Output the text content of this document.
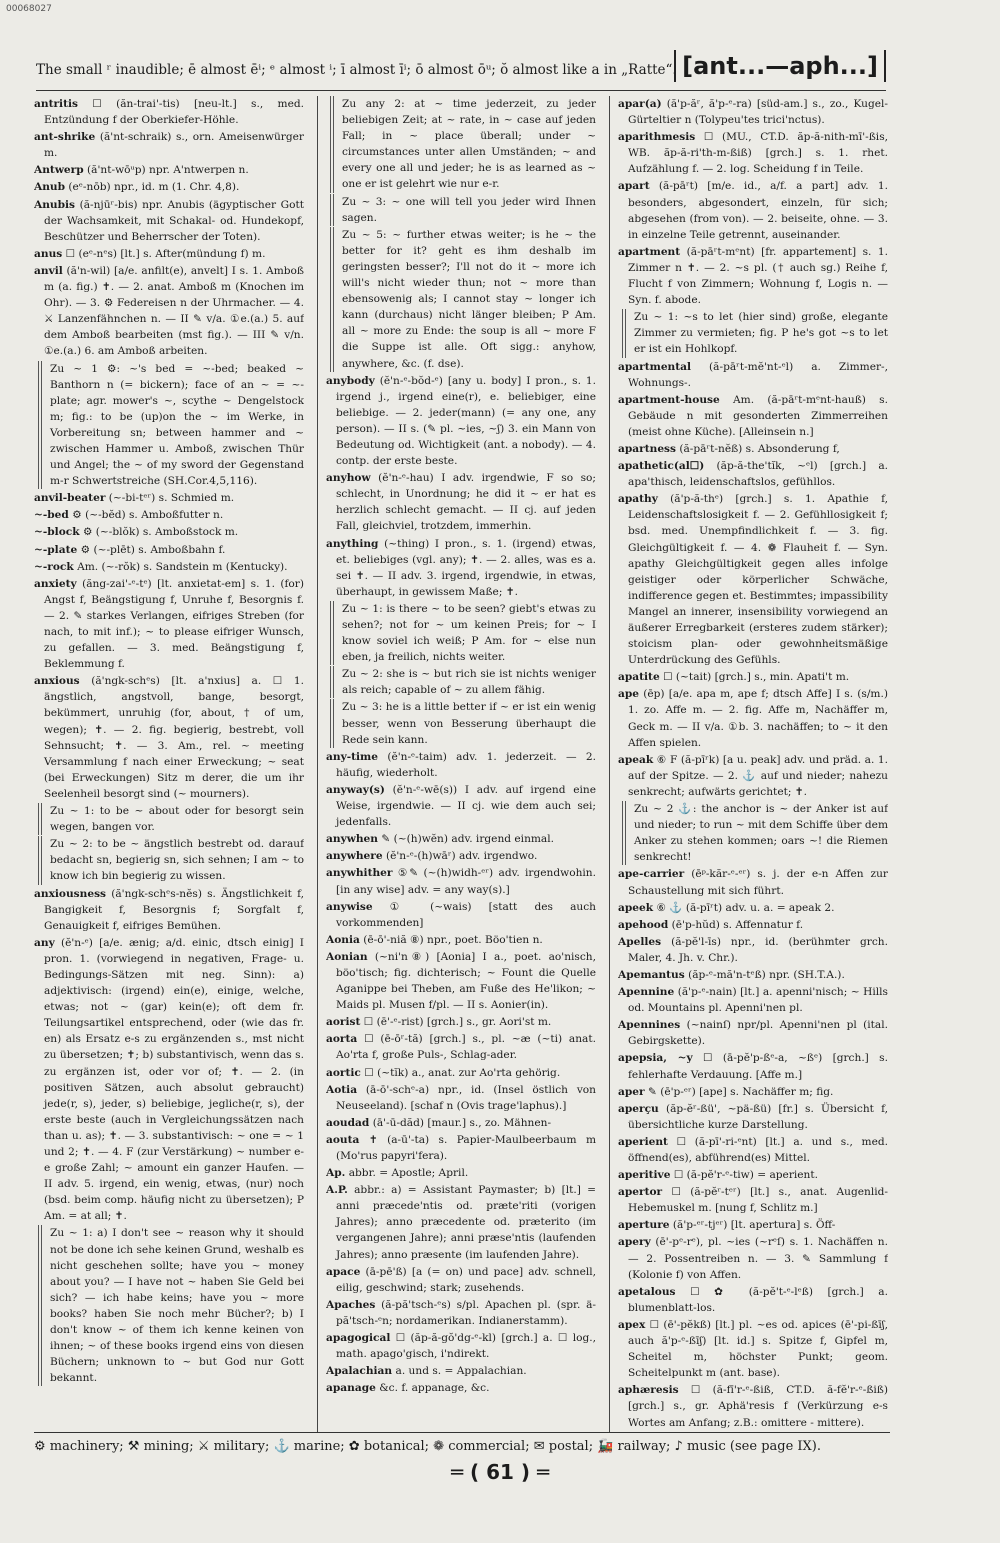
00068027
The small ʳ inaudible; ē almost ēⁱ; ᵉ almost ⁱ; ī almost īⁱ; ō almost ōᵘ; ŏ almost like a in „Ratte“. [ant...—aph...]
antritis ☐ (ăn-trai'-tis) [neu-lt.] s., med. Entzündung f der Oberkiefer-Höhle.
ant-shrike (ă'nt-schraik) s., orn. Ameisenwürger m.
Antwerp (ă'nt-wōᵘp) npr. A'ntwerpen n.
Anub (eᵉ-nōb) npr., id. m (1. Chr. 4,8).
Anubis (ă-njūʳ-bis) npr. Anubis (ägyptischer Gott der Wachsamkeit, mit Schakal- od. Hundekopf, Beschützer und Beherrscher der Toten).
anus ☐ (eᵉ-nᵉs) [lt.] s. After(mündung f) m.
anvil (ă'n-wil) [a/e. anfilt(e), anvelt] I s. 1. Amboß m (a. fig.) ✝. — 2. anat. Amboß m (Knochen im Ohr). — 3. ⚙ Federeisen n der Uhrmacher. — 4. ⚔ Lanzenfähnchen n. — II ✎ v/a. ①e.(a.) 5. auf dem Amboß bearbeiten (mst fig.). — III ✎ v/n. ①e.(a.) 6. am Amboß arbeiten.
Zu ~ 1 ⚙: ~'s bed = ~-bed; beaked ~ Banthorn n (= bickern); face of an ~ = ~-plate; agr. mower's ~, scythe ~ Dengelstock m; fig.: to be (up)on the ~ im Werke, in Vorbereitung sn; between hammer and ~ zwischen Hammer u. Amboß, zwischen Thür und Angel; the ~ of my sword der Gegenstand m-r Schwertstreiche (SH.Cor.4,5,116).
anvil-beater (~-bi-tᵉʳ) s. Schmied m.
~-bed ⚙ (~-bĕd) s. Amboßfutter n.
~-block ⚙ (~-blŏk) s. Amboßstock m.
~-plate ⚙ (~-plēt) s. Amboßbahn f.
~-rock Am. (~-rŏk) s. Sandstein m (Kentucky).
anxiety (ăng-zai'-ᵉ-tᵉ) [lt. anxietat-em] s. 1. (for) Angst f, Beängstigung f, Unruhe f, Besorgnis f. — 2. ✎ starkes Verlangen, eifriges Streben (for nach, to mit inf.); ~ to please eifriger Wunsch, zu gefallen. — 3. med. Beängstigung f, Beklemmung f.
anxious (ă'ngk-schᵉs) [lt. a'nxius] a. ☐ 1. ängstlich, angstvoll, bange, besorgt, bekümmert, unruhig (for, about, † of um, wegen); ✝. — 2. fig. begierig, bestrebt, voll Sehnsucht; ✝. — 3. Am., rel. ~ meeting Versammlung f nach einer Erweckung; ~ seat (bei Erweckungen) Sitz m derer, die um ihr Seelenheil besorgt sind (~ mourners).
Zu ~ 1: to be ~ about oder for besorgt sein wegen, bangen vor.
Zu ~ 2: to be ~ ängstlich bestrebt od. darauf bedacht sn, begierig sn, sich sehnen; I am ~ to know ich bin begierig zu wissen.
anxiousness (ă'ngk-schᵉs-nĕs) s. Ängstlichkeit f, Bangigkeit f, Besorgnis f; Sorgfalt f, Genauigkeit f, eifriges Bemühen.
any (ĕ'n-ᵉ) [a/e. ænig; a/d. einic, dtsch einig] I pron. 1. (vorwiegend in negativen, Frage- u. Bedingungs-Sätzen mit neg. Sinn): a) adjektivisch: (irgend) ein(e), einige, welche, etwas; not ~ (gar) kein(e); oft dem fr. Teilungsartikel entsprechend, oder (wie das fr. en) als Ersatz e-s zu ergänzenden s., mst nicht zu übersetzen; ✝; b) substantivisch, wenn das s. zu ergänzen ist, oder vor of; ✝. — 2. (in positiven Sätzen, auch absolut gebraucht) jede(r, s), jeder, s) beliebige, jegliche(r, s), der erste beste (auch in Vergleichungssätzen nach than u. as); ✝. — 3. substantivisch: ~ one = ~ 1 und 2; ✝. — 4. F (zur Verstärkung) ~ number e-e große Zahl; ~ amount ein ganzer Haufen. — II adv. 5. irgend, ein wenig, etwas, (nur) noch (bsd. beim comp. häufig nicht zu übersetzen); P Am. = at all; ✝.
Zu ~ 1: a) I don't see ~ reason why it should not be done ich sehe keinen Grund, weshalb es nicht geschehen sollte; have you ~ money about you? — I have not ~ haben Sie Geld bei sich? — ich habe keins; have you ~ more books? haben Sie noch mehr Bücher?; b) I don't know ~ of them ich kenne keinen von ihnen; ~ of these books irgend eins von diesen Büchern; unknown to ~ but God nur Gott bekannt.
Zu any 2: at ~ time jederzeit, zu jeder beliebigen Zeit; at ~ rate, in ~ case auf jeden Fall; in ~ place überall; under ~ circumstances unter allen Umständen; ~ and every one all und jeder; he is as learned as ~ one er ist gelehrt wie nur e-r.
Zu ~ 3: ~ one will tell you jeder wird Ihnen sagen.
Zu ~ 5: ~ further etwas weiter; is he ~ the better for it? geht es ihm deshalb im geringsten besser?; I'll not do it ~ more ich will's nicht wieder thun; not ~ more than ebensowenig als; I cannot stay ~ longer ich kann (durchaus) nicht länger bleiben; P Am. all ~ more zu Ende: the soup is all ~ more F die Suppe ist alle. Oft sigg.: anyhow, anywhere, &c. (f. dse).
anybody (ĕ'n-ᵉ-bŏd-ᵉ) [any u. body] I pron., s. 1. irgend j., irgend eine(r), e. beliebiger, eine beliebige. — 2. jeder(mann) (= any one, any person). — II s. (✎ pl. ~ies, ~ʃ) 3. ein Mann von Bedeutung od. Wichtigkeit (ant. a nobody). — 4. contp. der erste beste.
anyhow (ĕ'n-ᵉ-hau) I adv. irgendwie, F so so; schlecht, in Unordnung; he did it ~ er hat es herzlich schlecht gemacht. — II cj. auf jeden Fall, gleichviel, trotzdem, immerhin.
anything (~thing) I pron., s. 1. (irgend) etwas, et. beliebiges (vgl. any); ✝. — 2. alles, was es a. sei ✝. — II adv. 3. irgend, irgendwie, in etwas, überhaupt, in gewissem Maße; ✝.
Zu ~ 1: is there ~ to be seen? giebt's etwas zu sehen?; not for ~ um keinen Preis; for ~ I know soviel ich weiß; P Am. for ~ else nun eben, ja freilich, nichts weiter.
Zu ~ 2: she is ~ but rich sie ist nichts weniger als reich; capable of ~ zu allem fähig.
Zu ~ 3: he is a little better if ~ er ist ein wenig besser, wenn von Besserung überhaupt die Rede sein kann.
any-time (ĕ'n-ᵉ-taim) adv. 1. jederzeit. — 2. häufig, wiederholt.
anyway(s) (ĕ'n-ᵉ-wē(s)) I adv. auf irgend eine Weise, irgendwie. — II cj. wie dem auch sei; jedenfalls.
anywhen ✎ (~(h)wĕn) adv. irgend einmal.
anywhere (ĕ'n-ᵉ-(h)wāʳ) adv. irgendwo.
anywhither ⑤✎ (~(h)widh-ᵉʳ) adv. irgendwohin. [in any wise] adv. = any way(s).]
anywise ① (~wais) [statt des auch vorkommenden]
Aonia (ē-ō'-niă ⑧) npr., poet. Böo'tien n.
Aonian (~ni'n⑧) [Aonia] I a., poet. ao'nisch, böo'tisch; fig. dichterisch; ~ Fount die Quelle Aganippe bei Theben, am Fuße des He'likon; ~ Maids pl. Musen f/pl. — II s. Aonier(in).
aorist ☐ (ē'-ᵉ-rist) [grch.] s., gr. Aori'st m.
aorta ☐ (ē-ōʳ-tă) [grch.] s., pl. ~æ (~ti) anat. Ao'rta f, große Puls-, Schlag-ader.
aortic ☐ (~tĭk) a., anat. zur Ao'rta gehörig.
Aotia (ā-ō'-schᵉ-a) npr., id. (Insel östlich von Neuseeland). [schaf n (Ovis trage'laphus).]
aoudad (ā'-ū-dăd) [maur.] s., zo. Mähnen-
aouta ✝ (a-ū'-ta) s. Papier-Maulbeerbaum m (Mo'rus papyri'fera).
Ap. abbr. = Apostle; April.
A.P. abbr.: a) = Assistant Paymaster; b) [lt.] = anni præcede'ntis od. præte'riti (vorigen Jahres); anno præcedente od. præterito (im vergangenen Jahre); anni præse'ntis (laufenden Jahres); anno præsente (im laufenden Jahre).
apace (ā-pē'ß) [a (= on) und pace] adv. schnell, eilig, geschwind; stark; zusehends.
Apaches (ă-pă'tsch-ᵉs) s/pl. Apachen pl. (spr. ä-pă'tsch-ᵉn; nordamerikan. Indianerstamm).
apagogical ☐ (ăp-ă-gŏ'dg-ᵉ-kl) [grch.] a. ☐ log., math. apago'gisch, i'ndirekt.
Apalachian a. und s. = Appalachian.
apanage &c. f. appanage, &c.
apar(a) (ă'p-ăʳ, ă'p-ᵉ-ra) [süd-am.] s., zo., Kugel-Gürteltier n (Tolypeu'tes trici'nctus).
aparithmesis ☐ (MU., CT.D. ăp-ă-nith-mī'-ßis, WB. ăp-ă-ri'th-m-ßiß) [grch.] s. 1. rhet. Aufzählung f. — 2. log. Scheidung f in Teile.
apart (ă-pāʳt) [m/e. id., a/f. a part] adv. 1. besonders, abgesondert, einzeln, für sich; abgesehen (from von). — 2. beiseite, ohne. — 3. in einzelne Teile getrennt, auseinander.
apartment (ă-pāʳt-mᵉnt) [fr. appartement] s. 1. Zimmer n ✝. — 2. ~s pl. († auch sg.) Reihe f, Flucht f von Zimmern; Wohnung f, Logis n. — Syn. f. abode.
Zu ~ 1: ~s to let (hier sind) große, elegante Zimmer zu vermieten; fig. P he's got ~s to let er ist ein Hohlkopf.
apartmental (ă-pāʳt-mĕ'nt-ᵉl) a. Zimmer-, Wohnungs-.
apartment-house Am. (ă-pāʳt-mᵉnt-hauß) s. Gebäude n mit gesonderten Zimmerreihen (meist ohne Küche). [Alleinsein n.]
apartness (ă-pāʳt-nĕß) s. Absonderung f,
apathetic(al☐) (ăp-ă-the'tĭk, ~ᵉl) [grch.] a. apa'thisch, leidenschaftslos, gefühllos.
apathy (ă'p-ă-thᵉ) [grch.] s. 1. Apathie f, Leidenschaftslosigkeit f. — 2. Gefühllosigkeit f; bsd. med. Unempfindlichkeit f. — 3. fig. Gleichgültigkeit f. — 4. ❁ Flauheit f. — Syn. apathy Gleichgültigkeit gegen alles infolge geistiger oder körperlicher Schwäche, indifference gegen et. Bestimmtes; impassibility Mangel an innerer, insensibility vorwiegend an äußerer Erregbarkeit (ersteres zudem stärker); stoicism plan- oder gewohnheitsmäßige Unterdrückung des Gefühls.
apatite ☐ (~tait) [grch.] s., min. Apati't m.
ape (ēp) [a/e. apa m, ape f; dtsch Affe] I s. (s/m.) 1. zo. Affe m. — 2. fig. Affe m, Nachäffer m, Geck m. — II v/a. ①b. 3. nachäffen; to ~ it den Affen spielen.
apeak ⑥ F (ă-pīʳk) [a u. peak] adv. und präd. a. 1. auf der Spitze. — 2. ⚓ auf und nieder; nahezu senkrecht; aufwärts gerichtet; ✝.
Zu ~ 2 ⚓: the anchor is ~ der Anker ist auf und nieder; to run ~ mit dem Schiffe über dem Anker zu stehen kommen; oars ~! die Riemen senkrecht!
ape-carrier (ēᵖ-kăr-ᵉ-ᵉʳ) s. j. der e-n Affen zur Schaustellung mit sich führt.
apeek ⑥ ⚓ (ă-pīʳt) adv. u. a. = apeak 2.
apehood (ē'p-hŭd) s. Affennatur f.
Apelles (ă-pĕ'l-īs) npr., id. (berühmter grch. Maler, 4. Jh. v. Chr.).
Apemantus (ăp-ᵉ-mă'n-tᵉß) npr. (SH.T.A.).
Apennine (ă'p-ᵉ-nain) [lt.] a. apenni'nisch; ~ Hills od. Mountains pl. Apenni'nen pl.
Apennines (~nainſ) npr/pl. Apenni'nen pl (ital. Gebirgskette).
apepsia, ~y ☐ (ā-pĕ'p-ßᵉ-a, ~ßᵉ) [grch.] s. fehlerhafte Verdauung. [Affe m.]
aper ✎ (ē'p-ᵉʳ) [ape] s. Nachäffer m; fig.
aperçu (ăp-ĕʳ-ßü', ~pä-ßü) [fr.] s. Übersicht f, übersichtliche kurze Darstellung.
aperient ☐ (ă-pī'-ri-ᵉnt) [lt.] a. und s., med. öffnend(es), abführend(es) Mittel.
aperitive ☐ (ă-pĕ'r-ᵉ-tiw) = aperient.
apertor ☐ (ă-pĕʳ-tᵉʳ) [lt.] s., anat. Augenlid-Hebemuskel m. [nung f, Schlitz m.]
aperture (ă'p-ᵉʳ-tjᵉʳ) [lt. apertura] s. Öff-
apery (ē'-pᵉ-rᵉ), pl. ~ies (~rᵉſ) s. 1. Nachäffen n. — 2. Possentreiben n. — 3. ✎ Sammlung f (Kolonie f) von Affen.
apetalous ☐ ✿ (ă-pĕ't-ᵉ-lᵉß) [grch.] a. blumenblatt-los.
apex ☐ (ē'-pĕkß) [lt.] pl. ~es od. apices (ē'-pi-ßīʃ, auch ă'p-ᵉ-ßīʃ) [lt. id.] s. Spitze f, Gipfel m, Scheitel m, höchster Punkt; geom. Scheitelpunkt m (ant. base).
aphæresis ☐ (ă-fī'r-ᵉ-ßiß, CT.D. ă-fĕ'r-ᵉ-ßiß) [grch.] s., gr. Aphä'resis f (Verkürzung e-s Wortes am Anfang; z.B.: omittere - mittere).
⚙ machinery; ⚒ mining; ⚔ military; ⚓ marine; ✿ botanical; ❁ commercial; ✉ postal; 🚂 railway; ♪ music (see page IX).
═ ( 61 ) ═
